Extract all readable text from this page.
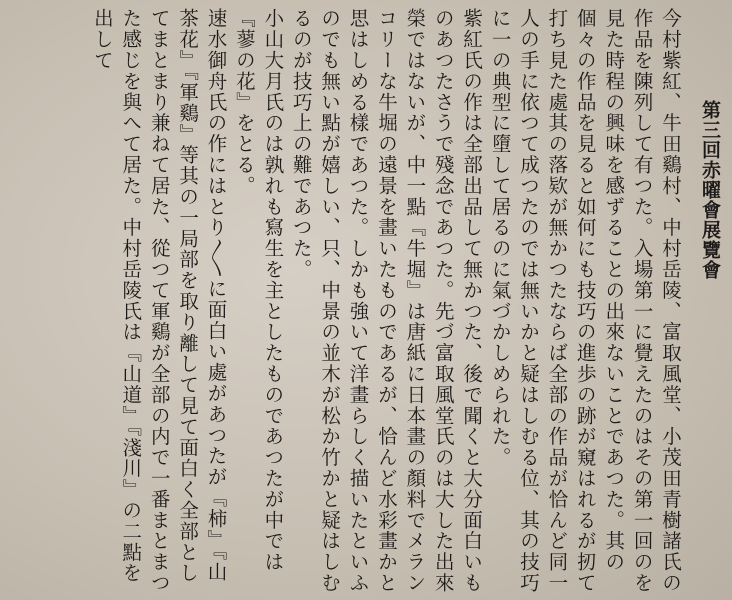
第三回赤曜會展覽會

今村紫紅、牛田鷄村、中村岳陵、富取風堂、小茂田青樹諸氏の作品を陳列して有つた。入場第一に覺えたのはその第一回のを見た時程の興味を感ずることの出來ないことであつた。其の個々の作品を見ると如何にも技巧の進歩の跡が窺はれるが扨て打ち見た處其の落欵が無かつたならば全部の作品が恰んど同一人の手に依つて成つたのでは無いかと疑はしむる位、其の技巧に一の典型に墮して居るのに氣づかしめられた。

紫紅氏の作は全部出品して無かつた、後で聞くと大分面白いものあつたさうで殘念であつた。先づ富取風堂氏のは大した出來榮ではないが、中一點『牛堀』は唐紙に日本畫の顏料でメランコリーな牛堀の遠景を畫いたものであるが、恰んど水彩畫かと思はしめる樣であつた。しかも強いて洋畫らしく描いたといふのでも無い點が嬉しい、只、中景の並木が松か竹かと疑はしむるのが技巧上の難であつた。

小山大月氏のは孰れも寫生を主としたものであつたが中では『蓼の花』をとる。

速水御舟氏の作にはとり〳〵に面白い處があつたが『柿』『山茶花』『軍鷄』等其の一局部を取り離して見て面白く全部としてまとまり兼ねて居た、從つて軍鷄が全部の内で一番まとまつた感じを與へて居た。中村岳陵氏は『山道』『淺川』の二點を出して
